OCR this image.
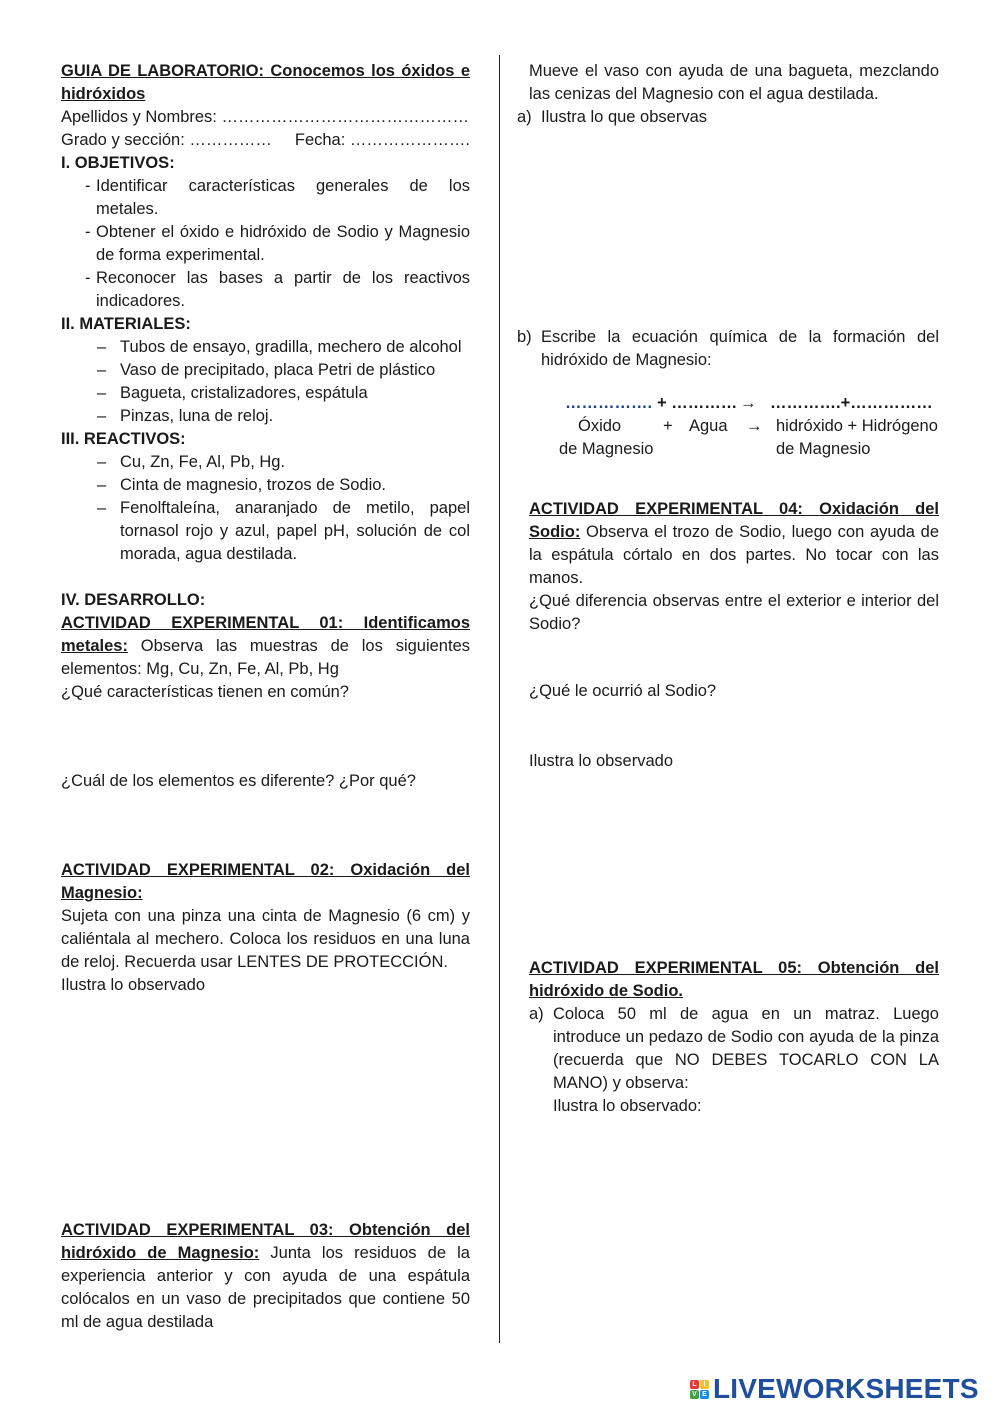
GUIA DE LABORATORIO: Conocemos los óxidos e
hidróxidos
Apellidos y Nombres: ………………………………………
Grado y sección: …………… Fecha: ………………….
I. OBJETIVOS:
- Identificar características generales de los metales.
- Obtener el óxido e hidróxido de Sodio y Magnesio de forma experimental.
- Reconocer las bases a partir de los reactivos indicadores.
II. MATERIALES:
– Tubos de ensayo, gradilla, mechero de alcohol
– Vaso de precipitado, placa Petri de plástico
– Bagueta, cristalizadores, espátula
– Pinzas, luna de reloj.
III. REACTIVOS:
– Cu, Zn, Fe, Al, Pb, Hg.
– Cinta de magnesio, trozos de Sodio.
– Fenolftaleína, anaranjado de metilo, papel tornasol rojo y azul, papel pH, solución de col morada, agua destilada.
IV. DESARROLLO:
ACTIVIDAD EXPERIMENTAL 01: Identificamos
metales: Observa las muestras de los siguientes elementos: Mg, Cu, Zn, Fe, Al, Pb, Hg
¿Qué características tienen en común?
¿Cuál de los elementos es diferente? ¿Por qué?
ACTIVIDAD EXPERIMENTAL 02: Oxidación del
Magnesio:
Sujeta con una pinza una cinta de Magnesio (6 cm) y caliéntala al mechero. Coloca los residuos en una luna de reloj. Recuerda usar LENTES DE PROTECCIÓN.
Ilustra lo observado
ACTIVIDAD EXPERIMENTAL 03: Obtención del
hidróxido de Magnesio: Junta los residuos de la experiencia anterior y con ayuda de una espátula colócalos en un vaso de precipitados que contiene 50 ml de agua destilada
Mueve el vaso con ayuda de una bagueta, mezclando las cenizas del Magnesio con el agua destilada.
a) Ilustra lo que observas
b) Escribe la ecuación química de la formación del hidróxido de Magnesio:
……………. + ………… → ………….+……………
Óxido	+ Agua → hidróxido + Hidrógeno
de Magnesio	de Magnesio
ACTIVIDAD EXPERIMENTAL 04: Oxidación del
Sodio: Observa el trozo de Sodio, luego con ayuda de la espátula córtalo en dos partes. No tocar con las manos.
¿Qué diferencia observas entre el exterior e interior del Sodio?
¿Qué le ocurrió al Sodio?
Ilustra lo observado
ACTIVIDAD EXPERIMENTAL 05: Obtención del
hidróxido de Sodio.
a) Coloca 50 ml de agua en un matraz. Luego introduce un pedazo de Sodio con ayuda de la pinza (recuerda que NO DEBES TOCARLO CON LA MANO) y observa:
Ilustra lo observado:
L I
V E LIVEWORKSHEETS
